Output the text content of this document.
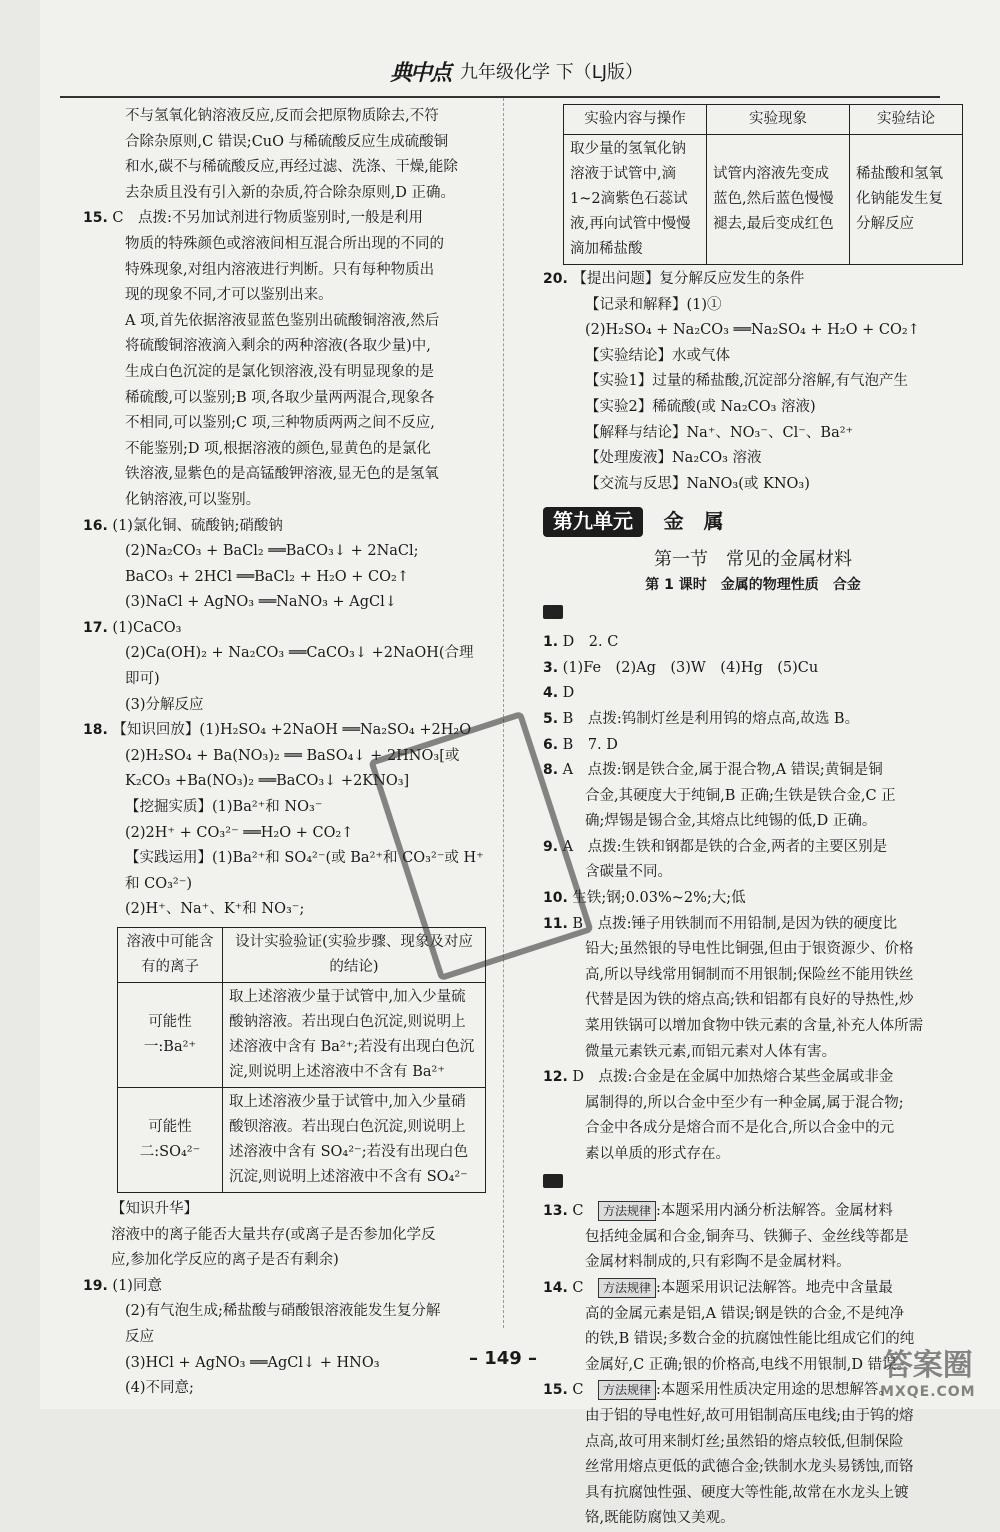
典中点 九年级化学 下（LJ版）

不与氢氧化钠溶液反应,反而会把原物质除去,不符

合除杂原则,C 错误;CuO 与稀硫酸反应生成硫酸铜

和水,碳不与稀硫酸反应,再经过滤、洗涤、干燥,能除

去杂质且没有引入新的杂质,符合除杂原则,D 正确。

15. C　点拨:不另加试剂进行物质鉴别时,一般是利用

物质的特殊颜色或溶液间相互混合所出现的不同的

特殊现象,对组内溶液进行判断。只有每种物质出

现的现象不同,才可以鉴别出来。

A 项,首先依据溶液显蓝色鉴别出硫酸铜溶液,然后

将硫酸铜溶液滴入剩余的两种溶液(各取少量)中,

生成白色沉淀的是氯化钡溶液,没有明显现象的是

稀硫酸,可以鉴别;B 项,各取少量两两混合,现象各

不相同,可以鉴别;C 项,三种物质两两之间不反应,

不能鉴别;D 项,根据溶液的颜色,显黄色的是氯化

铁溶液,显紫色的是高锰酸钾溶液,显无色的是氢氧

化钠溶液,可以鉴别。

16. (1)氯化铜、硫酸钠;硝酸钠

(2)Na₂CO₃ + BaCl₂ ══BaCO₃↓ + 2NaCl;

BaCO₃ + 2HCl ══BaCl₂ + H₂O + CO₂↑

(3)NaCl + AgNO₃ ══NaNO₃ + AgCl↓

17. (1)CaCO₃

(2)Ca(OH)₂ + Na₂CO₃ ══CaCO₃↓ +2NaOH(合理

即可)

(3)分解反应

18. 【知识回放】(1)H₂SO₄ +2NaOH ══Na₂SO₄ +2H₂O

(2)H₂SO₄ + Ba(NO₃)₂ ══ BaSO₄↓ + 2HNO₃[或

K₂CO₃ +Ba(NO₃)₂ ══BaCO₃↓ +2KNO₃]

【挖掘实质】(1)Ba²⁺和 NO₃⁻

(2)2H⁺ + CO₃²⁻ ══H₂O + CO₂↑

【实践运用】(1)Ba²⁺和 SO₄²⁻(或 Ba²⁺和 CO₃²⁻或 H⁺

和 CO₃²⁻)

(2)H⁺、Na⁺、K⁺和 NO₃⁻;

溶液中可能含有的离子	设计实验验证(实验步骤、现象及对应的结论)
可能性一:Ba²⁺	取上述溶液少量于试管中,加入少量硫酸钠溶液。若出现白色沉淀,则说明上述溶液中含有 Ba²⁺;若没有出现白色沉淀,则说明上述溶液中不含有 Ba²⁺
可能性二:SO₄²⁻	取上述溶液少量于试管中,加入少量硝酸钡溶液。若出现白色沉淀,则说明上述溶液中含有 SO₄²⁻;若没有出现白色沉淀,则说明上述溶液中不含有 SO₄²⁻

【知识升华】

溶液中的离子能否大量共存(或离子是否参加化学反

应,参加化学反应的离子是否有剩余)

19. (1)同意

(2)有气泡生成;稀盐酸与硝酸银溶液能发生复分解

反应

(3)HCl + AgNO₃ ══AgCl↓ + HNO₃

(4)不同意;

实验内容与操作	实验现象	实验结论
取少量的氢氧化钠溶液于试管中,滴1~2滴紫色石蕊试液,再向试管中慢慢滴加稀盐酸	试管内溶液先变成蓝色,然后蓝色慢慢褪去,最后变成红色	稀盐酸和氢氧化钠能发生复分解反应

20. 【提出问题】复分解反应发生的条件

【记录和解释】(1)①

(2)H₂SO₄ + Na₂CO₃ ══Na₂SO₄ + H₂O + CO₂↑

【实验结论】水或气体

【实验1】过量的稀盐酸,沉淀部分溶解,有气泡产生

【实验2】稀硫酸(或 Na₂CO₃ 溶液)

【解释与结论】Na⁺、NO₃⁻、Cl⁻、Ba²⁺

【处理废液】Na₂CO₃ 溶液

【交流与反思】NaNO₃(或 KNO₃)

第九单元 金　属
第一节　常见的金属材料
第 1 课时　金属的物理性质　合金

1. D　2. C

3. (1)Fe　(2)Ag　(3)W　(4)Hg　(5)Cu

4. D

5. B　点拨:钨制灯丝是利用钨的熔点高,故选 B。

6. B　7. D

8. A　点拨:钢是铁合金,属于混合物,A 错误;黄铜是铜

合金,其硬度大于纯铜,B 正确;生铁是铁合金,C 正

确;焊锡是锡合金,其熔点比纯锡的低,D 正确。

9. A　点拨:生铁和钢都是铁的合金,两者的主要区别是

含碳量不同。

10. 生铁;钢;0.03%~2%;大;低

11. B　点拨:锤子用铁制而不用铅制,是因为铁的硬度比

铅大;虽然银的导电性比铜强,但由于银资源少、价格

高,所以导线常用铜制而不用银制;保险丝不能用铁丝

代替是因为铁的熔点高;铁和铝都有良好的导热性,炒

菜用铁锅可以增加食物中铁元素的含量,补充人体所需

微量元素铁元素,而铝元素对人体有害。

12. D　点拨:合金是在金属中加热熔合某些金属或非金

属制得的,所以合金中至少有一种金属,属于混合物;

合金中各成分是熔合而不是化合,所以合金中的元

素以单质的形式存在。

13. C　方法规律 :本题采用内涵分析法解答。金属材料

包括纯金属和合金,铜奔马、铁狮子、金丝线等都是

金属材料制成的,只有彩陶不是金属材料。

14. C　方法规律 :本题采用识记法解答。地壳中含量最

高的金属元素是铝,A 错误;钢是铁的合金,不是纯净

的铁,B 错误;多数合金的抗腐蚀性能比组成它们的纯

金属好,C 正确;银的价格高,电线不用银制,D 错误。

15. C　方法规律 :本题采用性质决定用途的思想解答。

由于铝的导电性好,故可用铝制高压电线;由于钨的熔

点高,故可用来制灯丝;虽然铅的熔点较低,但制保险

丝常用熔点更低的武德合金;铁制水龙头易锈蚀,而铬

具有抗腐蚀性强、硬度大等性能,故常在水龙头上镀

铬,既能防腐蚀又美观。

– 149 –	答案圈
MXQE.COM
